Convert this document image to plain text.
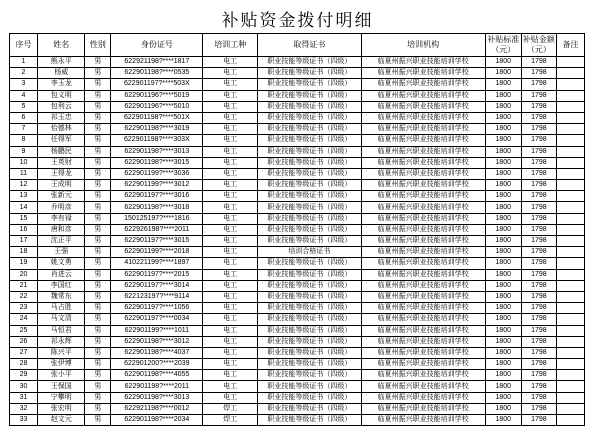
补贴资金拨付明细
序号	姓名	性别	身份证号	培训工种	取得证书	培训机构	补贴标准（元）	补贴金额（元）	备注
1	熊永平	男	622921198?****1817	电工	职业技能等级证书（四级）	临夏州振兴职业技能培训学校	1800	1798	
2	杨威	男	622901198?****0535	电工	职业技能等级证书（四级）	临夏州振兴职业技能培训学校	1800	1798	
3	李玉龙	男	622901197?****503X	电工	职业技能等级证书（四级）	临夏州振兴职业技能培训学校	1800	1798	
4	包义明	男	622901196?****5019	电工	职业技能等级证书（四级）	临夏州振兴职业技能培训学校	1800	1798	
5	包利云	男	622901196?****5010	电工	职业技能等级证书（四级）	临夏州振兴职业技能培训学校	1800	1798	
6	祁玉忠	男	622901198?****501X	电工	职业技能等级证书（四级）	临夏州振兴职业技能培训学校	1800	1798	
7	怡德林	男	622901198?****3019	电工	职业技能等级证书（四级）	临夏州振兴职业技能培训学校	1800	1798	
8	任得军	男	622901198?****303X	电工	职业技能等级证书（四级）	临夏州振兴职业技能培训学校	1800	1798	
9	杨鹏民	男	622901198?****3013	电工	职业技能等级证书（四级）	临夏州振兴职业技能培训学校	1800	1798	
10	王英财	男	622901198?****3015	电工	职业技能等级证书（四级）	临夏州振兴职业技能培训学校	1800	1798	
11	王得龙	男	622901199?****3036	电工	职业技能等级证书（四级）	临夏州振兴职业技能培训学校	1800	1798	
12	王成明	男	622901199?****3012	电工	职业技能等级证书（四级）	临夏州振兴职业技能培训学校	1800	1798	
13	张新元	男	622901197?****3016	电工	职业技能等级证书（四级）	临夏州振兴职业技能培训学校	1800	1798	
14	乔明彦	男	622901198?****3018	电工	职业技能等级证书（四级）	临夏州振兴职业技能培训学校	1800	1798	
15	李有禄	男	150125197?****1816	电工	职业技能等级证书（四级）	临夏州振兴职业技能培训学校	1800	1798	
16	唐和彦	男	622926198?****2011	电工	职业技能等级证书（四级）	临夏州振兴职业技能培训学校	1800	1798	
17	沈正平	男	622901197?****3015	电工	职业技能等级证书（四级）	临夏州振兴职业技能培训学校	1800	1798	
18	王强	男	622901199?****2018	电工	培训合格证书	临夏州振兴职业技能培训学校	1800	1798	
19	姚文勇	男	410221199?****1897	电工	职业技能等级证书（四级）	临夏州振兴职业技能培训学校	1800	1798	
20	肖进云	男	622901197?****2015	电工	职业技能等级证书（四级）	临夏州振兴职业技能培训学校	1800	1798	
21	李国红	男	622901197?****3014	电工	职业技能等级证书（四级）	临夏州振兴职业技能培训学校	1800	1798	
22	魏常东	男	622123197?****9114	电工	职业技能等级证书（四级）	临夏州振兴职业技能培训学校	1800	1798	
23	马占胜	男	622901197?****1056	电工	职业技能等级证书（四级）	临夏州振兴职业技能培训学校	1800	1798	
24	马文清	男	622901197?****0034	电工	职业技能等级证书（四级）	临夏州振兴职业技能培训学校	1800	1798	
25	马恒君	男	622901199?****1011	电工	职业技能等级证书（四级）	临夏州振兴职业技能培训学校	1800	1798	
26	祁永辉	男	622901198?****3012	电工	职业技能等级证书（四级）	临夏州振兴职业技能培训学校	1800	1798	
27	陈兴平	男	622901198?****4037	电工	职业技能等级证书（四级）	临夏州振兴职业技能培训学校	1800	1798	
28	张伊博	男	622901200?****2039	电工	职业技能等级证书（四级）	临夏州振兴职业技能培训学校	1800	1798	
29	张小平	男	622901198?****4055	电工	职业技能等级证书（四级）	临夏州振兴职业技能培训学校	1800	1798	
30	王保国	男	622901198?****2011	电工	职业技能等级证书（四级）	临夏州振兴职业技能培训学校	1800	1798	
31	宁攀明	男	622901198?****3013	电工	职业技能等级证书（四级）	临夏州振兴职业技能培训学校	1800	1798	
32	张宏明	男	622921198?****0012	焊工	职业技能等级证书（四级）	临夏州振兴职业技能培训学校	1800	1798	
33	赵文元	男	622901198?****2034	焊工	职业技能等级证书（四级）	临夏州振兴职业技能培训学校	1800	1798	
